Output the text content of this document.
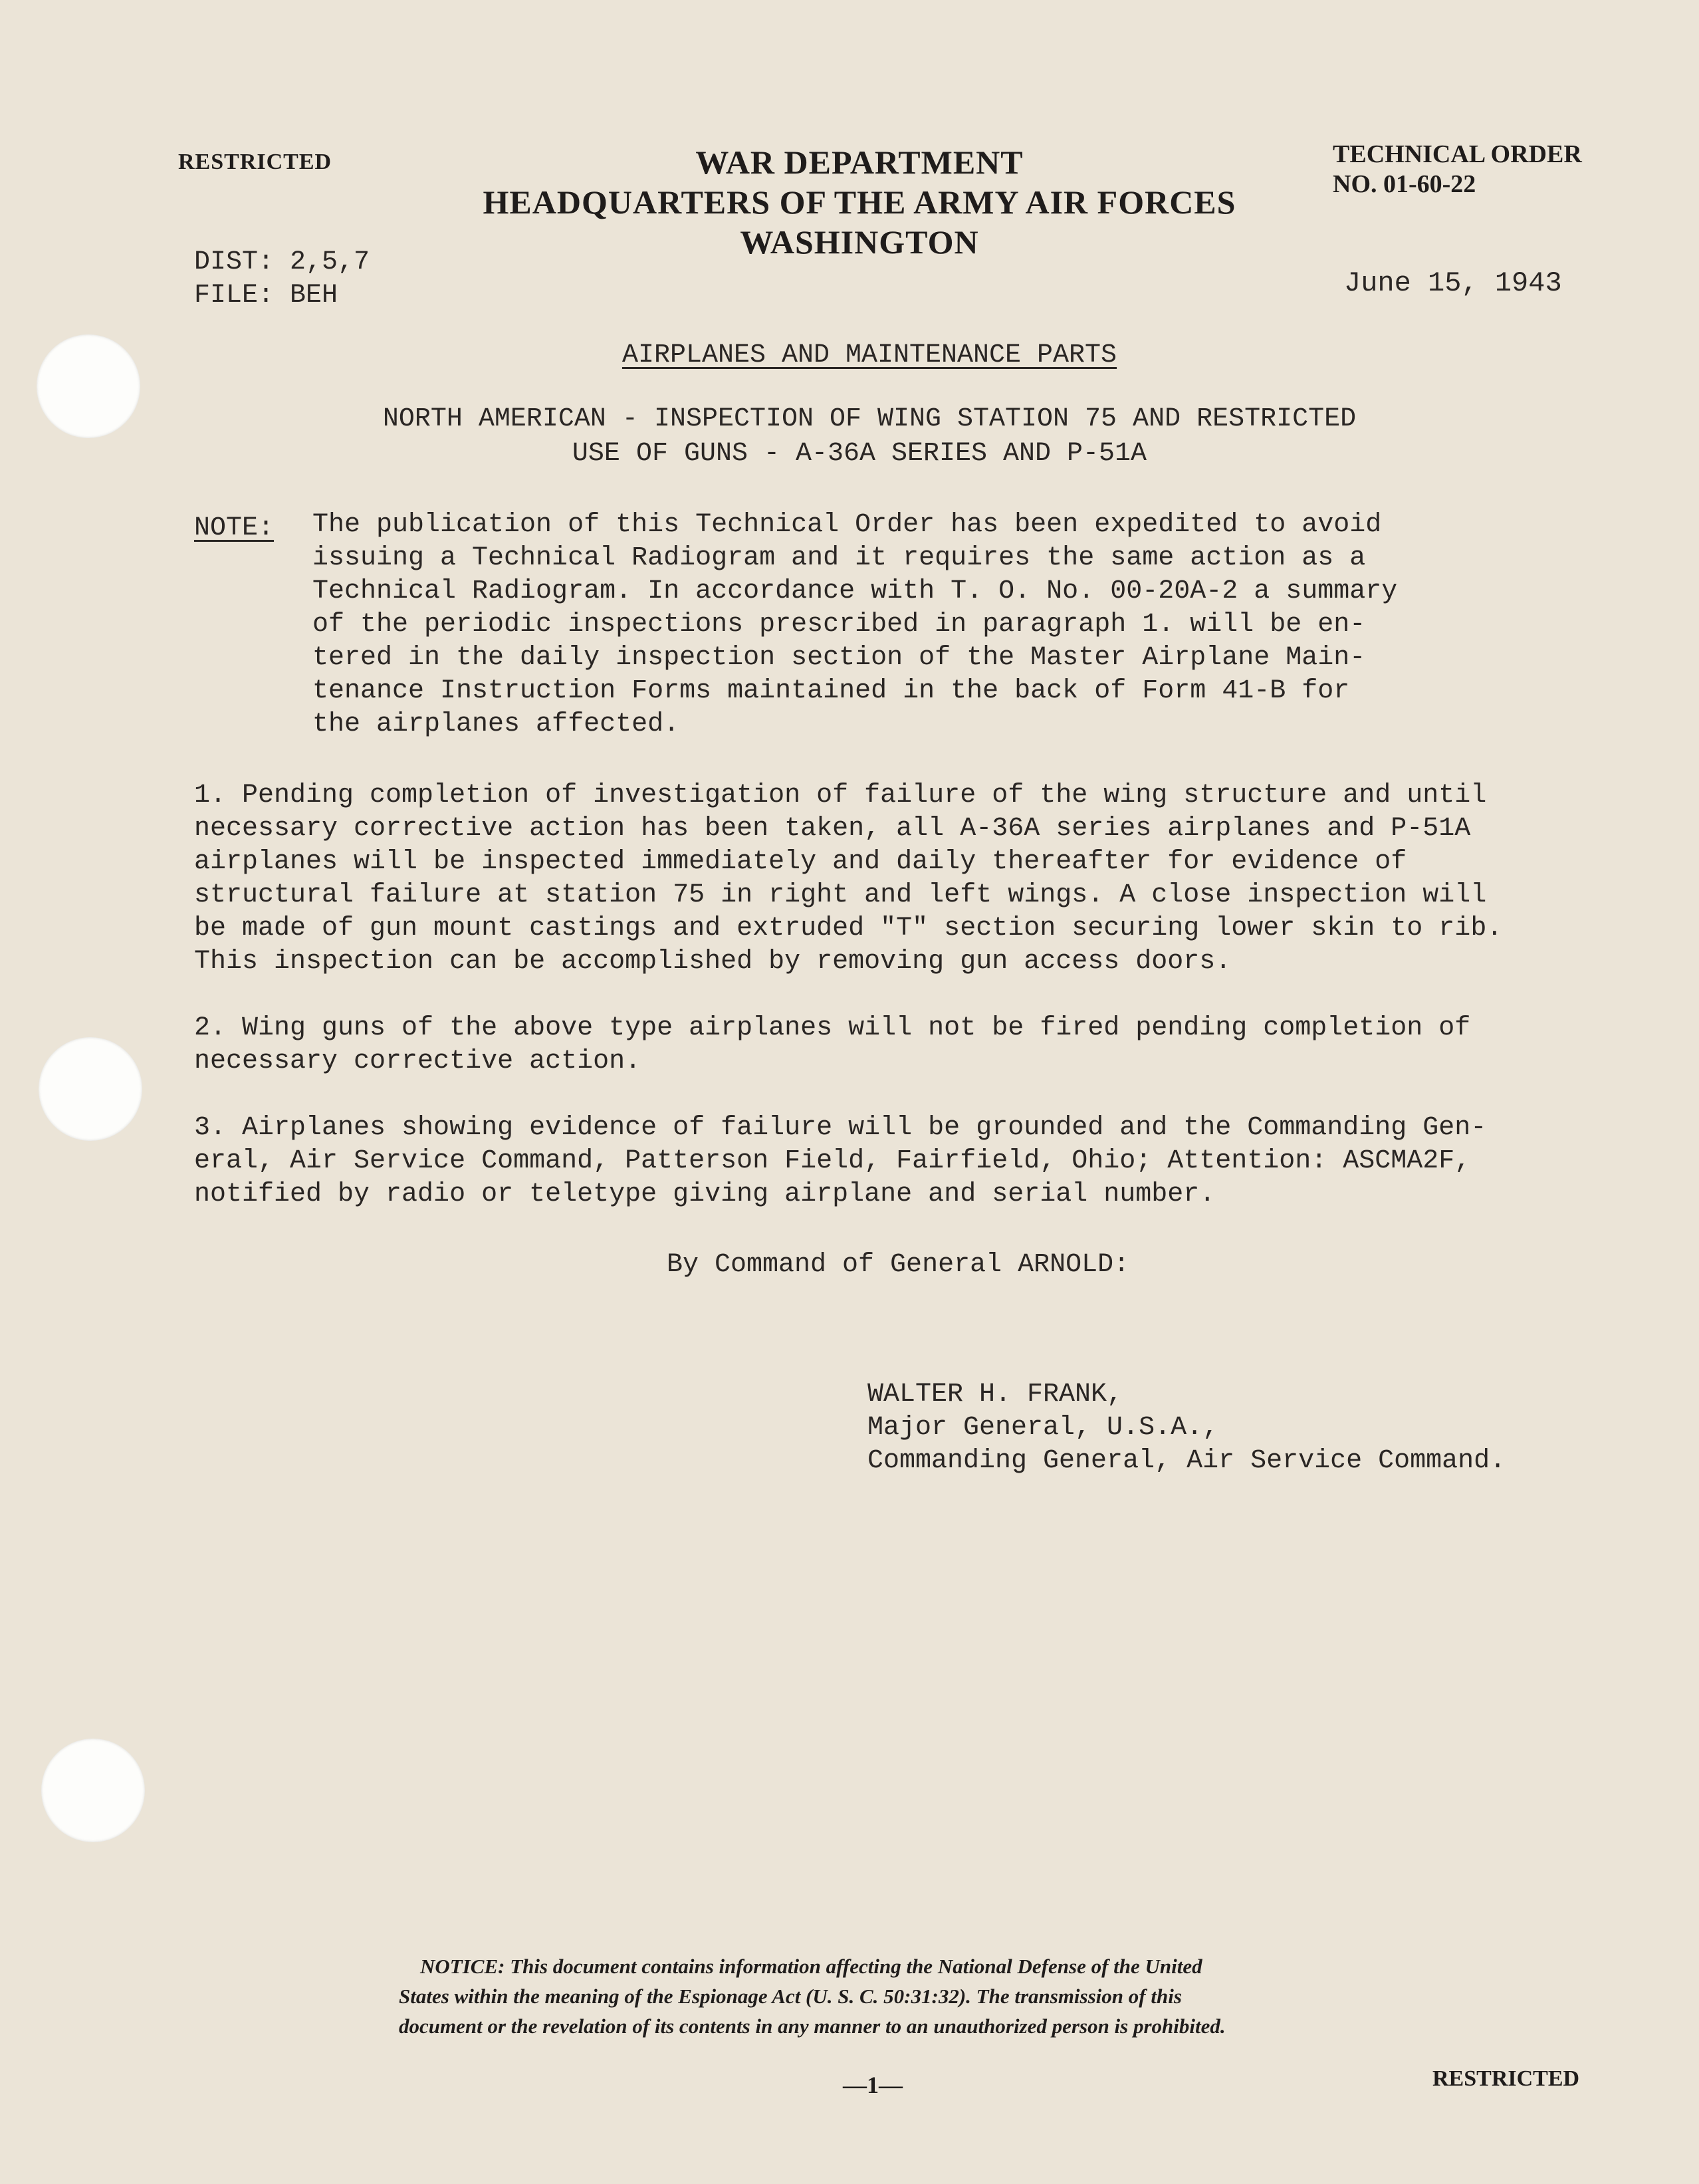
RESTRICTED	WAR DEPARTMENT
HEADQUARTERS OF THE ARMY AIR FORCES
WASHINGTON
TECHNICAL ORDER
NO. 01-60-22
DIST: 2,5,7
FILE: BEH	June 15, 1943
AIRPLANES AND MAINTENANCE PARTS
NORTH AMERICAN - INSPECTION OF WING STATION 75 AND RESTRICTED
USE OF GUNS - A-36A SERIES AND P-51A
NOTE: The publication of this Technical Order has been expedited to avoid
issuing a Technical Radiogram and it requires the same action as a
Technical Radiogram. In accordance with T. O. No. 00-20A-2 a summary
of the periodic inspections prescribed in paragraph 1. will be en-
tered in the daily inspection section of the Master Airplane Main-
tenance Instruction Forms maintained in the back of Form 41-B for
the airplanes affected.
1. Pending completion of investigation of failure of the wing structure and until
necessary corrective action has been taken, all A-36A series airplanes and P-51A
airplanes will be inspected immediately and daily thereafter for evidence of
structural failure at station 75 in right and left wings. A close inspection will
be made of gun mount castings and extruded "T" section securing lower skin to rib.
This inspection can be accomplished by removing gun access doors.
2. Wing guns of the above type airplanes will not be fired pending completion of
necessary corrective action.
3. Airplanes showing evidence of failure will be grounded and the Commanding Gen-
eral, Air Service Command, Patterson Field, Fairfield, Ohio; Attention: ASCMA2F,
notified by radio or teletype giving airplane and serial number.
By Command of General ARNOLD:
WALTER H. FRANK,
Major General, U.S.A.,
Commanding General, Air Service Command.
NOTICE: This document contains information affecting the National Defense of the United
States within the meaning of the Espionage Act (U. S. C. 50:31:32). The transmission of this
document or the revelation of its contents in any manner to an unauthorized person is prohibited.
—1—	RESTRICTED
